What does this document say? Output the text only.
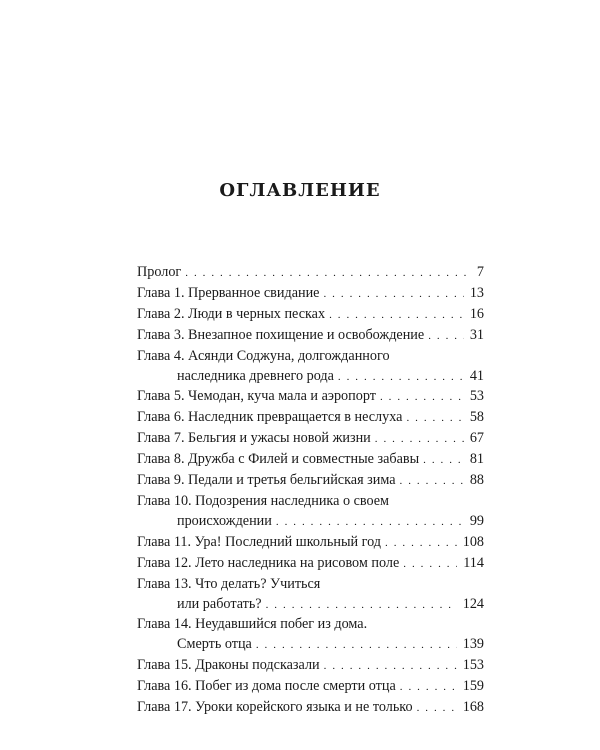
ОГЛАВЛЕНИЕ
Пролог . . .	7
Глава 1. Прерванное свидание . . .	13
Глава 2. Люди в черных песках . . .	16
Глава 3. Внезапное похищение и освобождение . . .	31
Глава 4. Асянди Соджуна, долгожданного
наследника древнего рода . . .	41
Глава 5. Чемодан, куча мала и аэропорт . . .	53
Глава 6. Наследник превращается в неслуха . . .	58
Глава 7. Бельгия и ужасы новой жизни . . .	67
Глава 8. Дружба с Филей и совместные забавы . . .	81
Глава 9. Педали и третья бельгийская зима . . .	88
Глава 10. Подозрения наследника о своем
происхождении . . .	99
Глава 11. Ура! Последний школьный год . . .	108
Глава 12. Лето наследника на рисовом поле . . .	114
Глава 13. Что делать? Учиться
или работать? . . .	124
Глава 14. Неудавшийся побег из дома.
Смерть отца . . .	139
Глава 15. Драконы подсказали . . .	153
Глава 16. Побег из дома после смерти отца . . .	159
Глава 17. Уроки корейского языка и не только . . .	168
